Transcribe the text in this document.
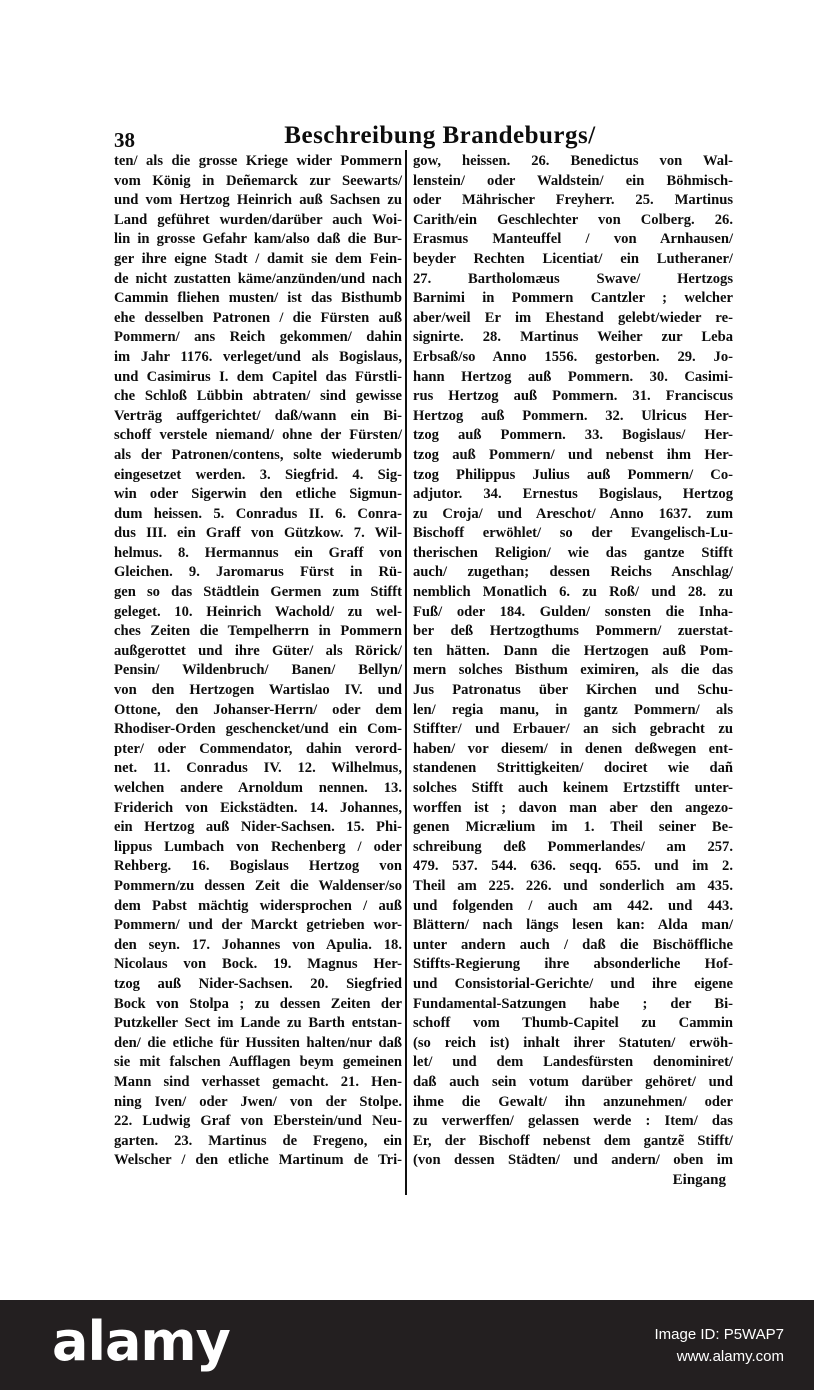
38	Beschreibung Brandeburgs/
ten/ als die grosse Kriege wider Pommern
vom König in Deñemarck zur Seewarts/
und vom Hertzog Heinrich auß Sachsen zu
Land geführet wurden/darüber auch Woi-
lin in grosse Gefahr kam/also daß die Bur-
ger ihre eigne Stadt / damit sie dem Fein-
de nicht zustatten käme/anzünden/und nach
Cammin fliehen musten/ ist das Bisthumb
ehe desselben Patronen / die Fürsten auß
Pommern/ ans Reich gekommen/ dahin
im Jahr 1176. verleget/und als Bogislaus,
und Casimirus I. dem Capitel das Fürstli-
che Schloß Lübbin abtraten/ sind gewisse
Verträg auffgerichtet/ daß/wann ein Bi-
schoff verstele niemand/ ohne der Fürsten/
als der Patronen/contens, solte wiederumb
eingesetzet werden. 3. Siegfrid. 4. Sig-
win oder Sigerwin den etliche Sigmun-
dum heissen. 5. Conradus II. 6. Conra-
dus III. ein Graff von Gützkow. 7. Wil-
helmus. 8. Hermannus ein Graff von
Gleichen. 9. Jaromarus Fürst in Rü-
gen so das Städtlein Germen zum Stifft
geleget. 10. Heinrich Wachold/ zu wel-
ches Zeiten die Tempelherrn in Pommern
außgerottet und ihre Güter/ als Rörick/
Pensin/ Wildenbruch/ Banen/ Bellyn/
von den Hertzogen Wartislao IV. und
Ottone, den Johanser-Herrn/ oder dem
Rhodiser-Orden geschencket/und ein Com-
pter/ oder Commendator, dahin verord-
net. 11. Conradus IV. 12. Wilhelmus,
welchen andere Arnoldum nennen. 13.
Friderich von Eickstädten. 14. Johannes,
ein Hertzog auß Nider-Sachsen. 15. Phi-
lippus Lumbach von Rechenberg / oder
Rehberg. 16. Bogislaus Hertzog von
Pommern/zu dessen Zeit die Waldenser/so
dem Pabst mächtig widersprochen / auß
Pommern/ und der Marckt getrieben wor-
den seyn. 17. Johannes von Apulia. 18.
Nicolaus von Bock. 19. Magnus Her-
tzog auß Nider-Sachsen. 20. Siegfried
Bock von Stolpa ; zu dessen Zeiten der
Putzkeller Sect im Lande zu Barth entstan-
den/ die etliche für Hussiten halten/nur daß
sie mit falschen Aufflagen beym gemeinen
Mann sind verhasset gemacht. 21. Hen-
ning Iven/ oder Jwen/ von der Stolpe.
22. Ludwig Graf von Eberstein/und Neu-
garten. 23. Martinus de Fregeno, ein
Welscher / den etliche Martinum de Tri-
gow, heissen. 26. Benedictus von Wal-
lenstein/ oder Waldstein/ ein Böhmisch-
oder Mährischer Freyherr. 25. Martinus
Carith/ein Geschlechter von Colberg. 26.
Erasmus Manteuffel / von Arnhausen/
beyder Rechten Licentiat/ ein Lutheraner/
27. Bartholomæus Swave/ Hertzogs
Barnimi in Pommern Cantzler ; welcher
aber/weil Er im Ehestand gelebt/wieder re-
signirte. 28. Martinus Weiher zur Leba
Erbsaß/so Anno 1556. gestorben. 29. Jo-
hann Hertzog auß Pommern. 30. Casimi-
rus Hertzog auß Pommern. 31. Franciscus
Hertzog auß Pommern. 32. Ulricus Her-
tzog auß Pommern. 33. Bogislaus/ Her-
tzog auß Pommern/ und nebenst ihm Her-
tzog Philippus Julius auß Pommern/ Co-
adjutor. 34. Ernestus Bogislaus, Hertzog
zu Croja/ und Areschot/ Anno 1637. zum
Bischoff erwöhlet/ so der Evangelisch-Lu-
therischen Religion/ wie das gantze Stifft
auch/ zugethan; dessen Reichs Anschlag/
nemblich Monatlich 6. zu Roß/ und 28. zu
Fuß/ oder 184. Gulden/ sonsten die Inha-
ber deß Hertzogthums Pommern/ zuerstat-
ten hätten. Dann die Hertzogen auß Pom-
mern solches Bisthum eximiren, als die das
Jus Patronatus über Kirchen und Schu-
len/ regia manu, in gantz Pommern/ als
Stiffter/ und Erbauer/ an sich gebracht zu
haben/ vor diesem/ in denen deßwegen ent-
standenen Strittigkeiten/ dociret wie dañ
solches Stifft auch keinem Ertzstifft unter-
worffen ist ; davon man aber den angezo-
genen Micrælium im 1. Theil seiner Be-
schreibung deß Pommerlandes/ am 257.
479. 537. 544. 636. seqq. 655. und im 2.
Theil am 225. 226. und sonderlich am 435.
und folgenden / auch am 442. und 443.
Blättern/ nach längs lesen kan: Alda man/
unter andern auch / daß die Bischöffliche
Stiffts-Regierung ihre absonderliche Hof-
und Consistorial-Gerichte/ und ihre eigene
Fundamental-Satzungen habe ; der Bi-
schoff vom Thumb-Capitel zu Cammin
(so reich ist) inhalt ihrer Statuten/ erwöh-
let/ und dem Landesfürsten denominiret/
daß auch sein votum darüber gehöret/ und
ihme die Gewalt/ ihn anzunehmen/ oder
zu verwerffen/ gelassen werde : Item/ das
Er, der Bischoff nebenst dem gantzẽ Stifft/
(von dessen Städten/ und andern/ oben im
Eingang
alamy	Image ID: P5WAP7
www.alamy.com
